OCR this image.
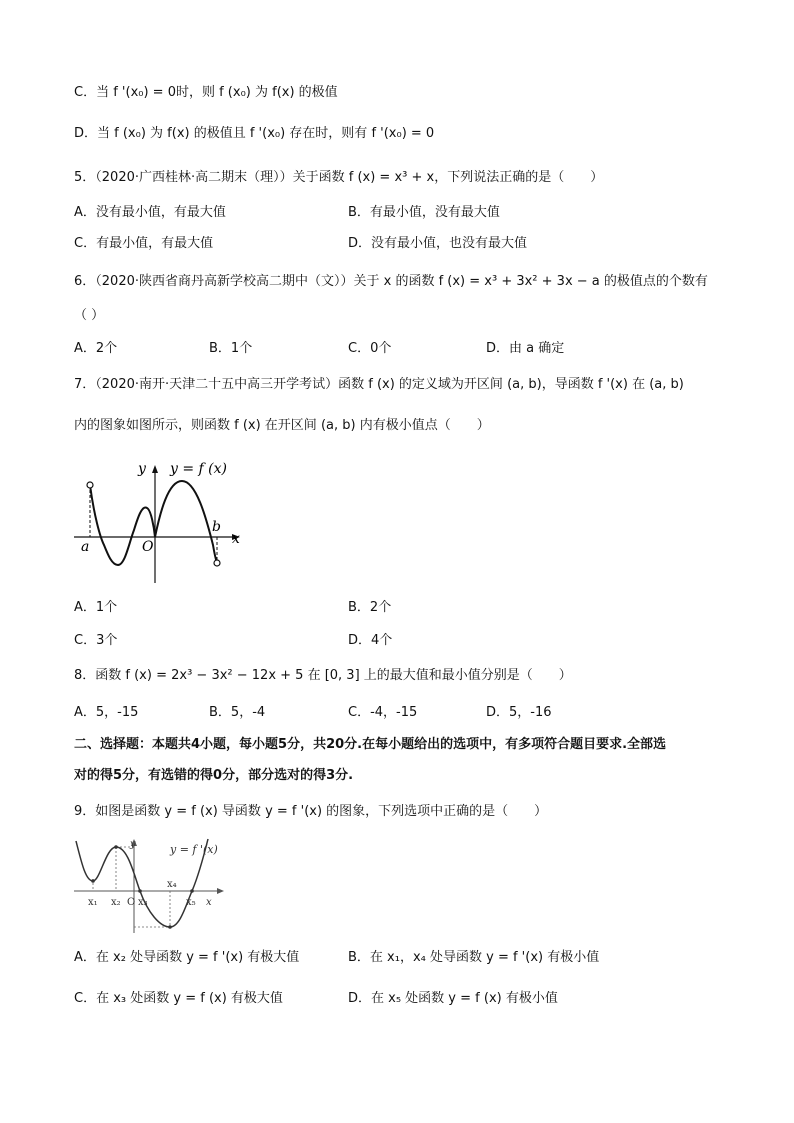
C．当 f '(x₀) = 0时，则 f (x₀) 为 f(x) 的极值
D．当 f (x₀) 为 f(x) 的极值且 f '(x₀) 存在时，则有 f '(x₀) = 0
5．（2020·广西桂林·高二期末（理））关于函数 f (x) = x³ + x，下列说法正确的是（　　）
A．没有最小值，有最大值	B．有最小值，没有最大值
C．有最小值，有最大值	D．没有最小值，也没有最大值
6．（2020·陕西省商丹高新学校高二期中（文））关于 x 的函数 f (x) = x³ + 3x² + 3x − a 的极值点的个数有
（ ）
A．2个	B．1个	C．0个	D．由 a 确定
7．（2020·南开·天津二十五中高三开学考试）函数 f (x) 的定义域为开区间 (a, b)，导函数 f '(x) 在 (a, b)
内的图象如图所示，则函数 f (x) 在开区间 (a, b) 内有极小值点（　　）
y y = f (x)
a	O
b
x
A．1个	B．2个
C．3个	D．4个
8．函数 f (x) = 2x³ − 3x² − 12x + 5 在 [0, 3] 上的最大值和最小值分别是（　　）
A．5，-15	B．5，-4	C．-4，-15	D．5，-16
二、选择题：本题共4小题，每小题5分，共20分.在每小题给出的选项中，有多项符合题目要求.全部选
对的得5分，有选错的得0分，部分选对的得3分.
9．如图是函数 y = f (x) 导函数 y = f '(x) 的图象，下列选项中正确的是（　　）
y = f '(x)
y
x₁ x₂ O x₃
x₄
x₅ x
A．在 x₂ 处导函数 y = f '(x) 有极大值	B．在 x₁，x₄ 处导函数 y = f '(x) 有极小值
C．在 x₃ 处函数 y = f (x) 有极大值	D．在 x₅ 处函数 y = f (x) 有极小值
